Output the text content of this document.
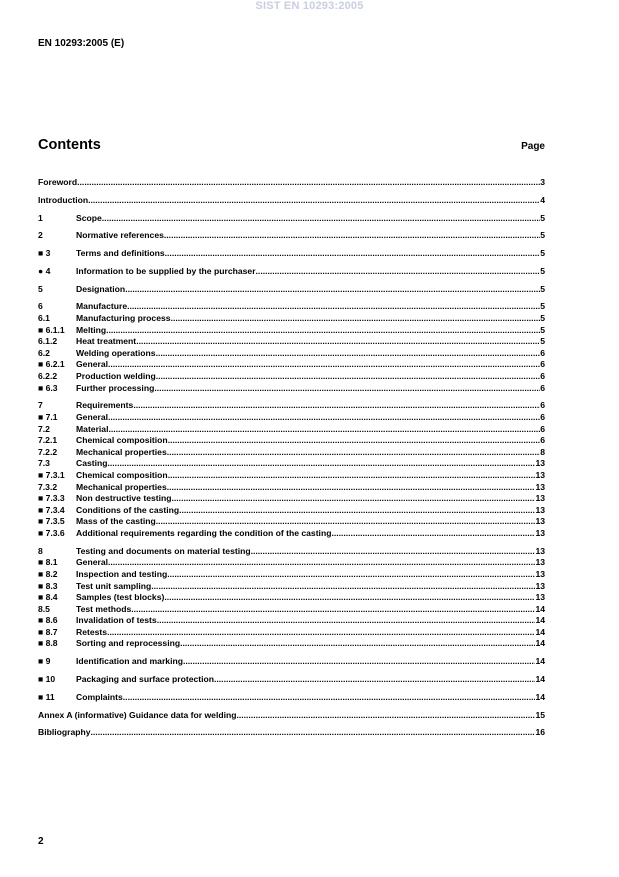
SIST EN 10293:2005
EN 10293:2005 (E)
Contents	Page
Foreword .....	3
Introduction .....	4
1	Scope .....	5
2	Normative references .....	5
■ 3	Terms and definitions .....	5
● 4	Information to be supplied by the purchaser .....	5
5	Designation .....	5
6	Manufacture .....	5
6.1	Manufacturing process .....	5
■ 6.1.1	Melting .....	5
6.1.2	Heat treatment .....	5
6.2	Welding operations .....	6
■ 6.2.1	General .....	6
6.2.2	Production welding .....	6
■ 6.3	Further processing .....	6
7	Requirements .....	6
■ 7.1	General .....	6
7.2	Material .....	6
7.2.1	Chemical composition .....	6
7.2.2	Mechanical properties .....	8
7.3	Casting .....	13
■ 7.3.1	Chemical composition .....	13
7.3.2	Mechanical properties .....	13
■ 7.3.3	Non destructive testing .....	13
■ 7.3.4	Conditions of the casting .....	13
■ 7.3.5	Mass of the casting .....	13
■ 7.3.6	Additional requirements regarding the condition of the casting .....	13
8	Testing and documents on material testing .....	13
■ 8.1	General .....	13
■ 8.2	Inspection and testing .....	13
■ 8.3	Test unit sampling .....	13
■ 8.4	Samples (test blocks) .....	13
8.5	Test methods .....	14
■ 8.6	Invalidation of tests .....	14
■ 8.7	Retests .....	14
■ 8.8	Sorting and reprocessing .....	14
■ 9	Identification and marking .....	14
■ 10	Packaging and surface protection .....	14
■ 11	Complaints .....	14
Annex A (informative) Guidance data for welding .....	15
Bibliography .....	16
2
